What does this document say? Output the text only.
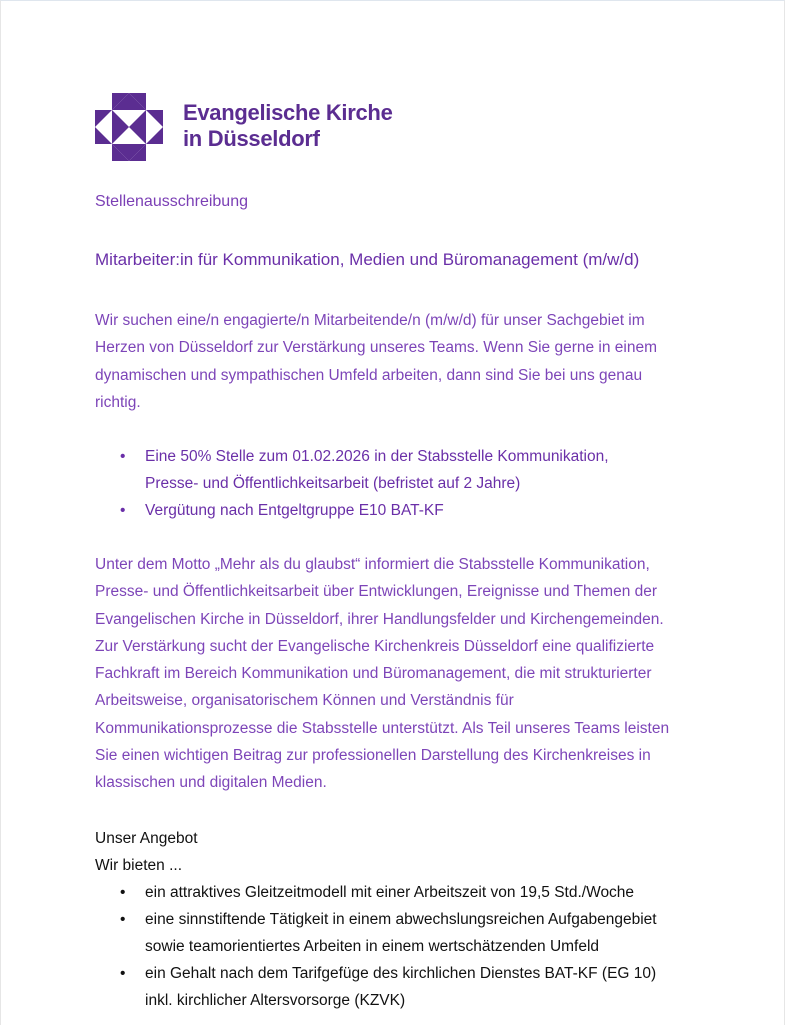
Evangelische Kirche
in Düsseldorf
Stellenausschreibung
Mitarbeiter:in für Kommunikation, Medien und Büromanagement (m/w/d)
Wir suchen eine/n engagierte/n Mitarbeitende/n (m/w/d) für unser Sachgebiet im
Herzen von Düsseldorf zur Verstärkung unseres Teams. Wenn Sie gerne in einem
dynamischen und sympathischen Umfeld arbeiten, dann sind Sie bei uns genau
richtig.
• Eine 50% Stelle zum 01.02.2026 in der Stabsstelle Kommunikation,
Presse- und Öffentlichkeitsarbeit (befristet auf 2 Jahre)
• Vergütung nach Entgeltgruppe E10 BAT-KF
Unter dem Motto „Mehr als du glaubst“ informiert die Stabsstelle Kommunikation,
Presse- und Öffentlichkeitsarbeit über Entwicklungen, Ereignisse und Themen der
Evangelischen Kirche in Düsseldorf, ihrer Handlungsfelder und Kirchengemeinden.
Zur Verstärkung sucht der Evangelische Kirchenkreis Düsseldorf eine qualifizierte
Fachkraft im Bereich Kommunikation und Büromanagement, die mit strukturierter
Arbeitsweise, organisatorischem Können und Verständnis für
Kommunikationsprozesse die Stabsstelle unterstützt. Als Teil unseres Teams leisten
Sie einen wichtigen Beitrag zur professionellen Darstellung des Kirchenkreises in
klassischen und digitalen Medien.
Unser Angebot
Wir bieten ...
• ein attraktives Gleitzeitmodell mit einer Arbeitszeit von 19,5 Std./Woche
• eine sinnstiftende Tätigkeit in einem abwechslungsreichen Aufgabengebiet
sowie teamorientiertes Arbeiten in einem wertschätzenden Umfeld
• ein Gehalt nach dem Tarifgefüge des kirchlichen Dienstes BAT-KF (EG 10)
inkl. kirchlicher Altersvorsorge (KZVK)
